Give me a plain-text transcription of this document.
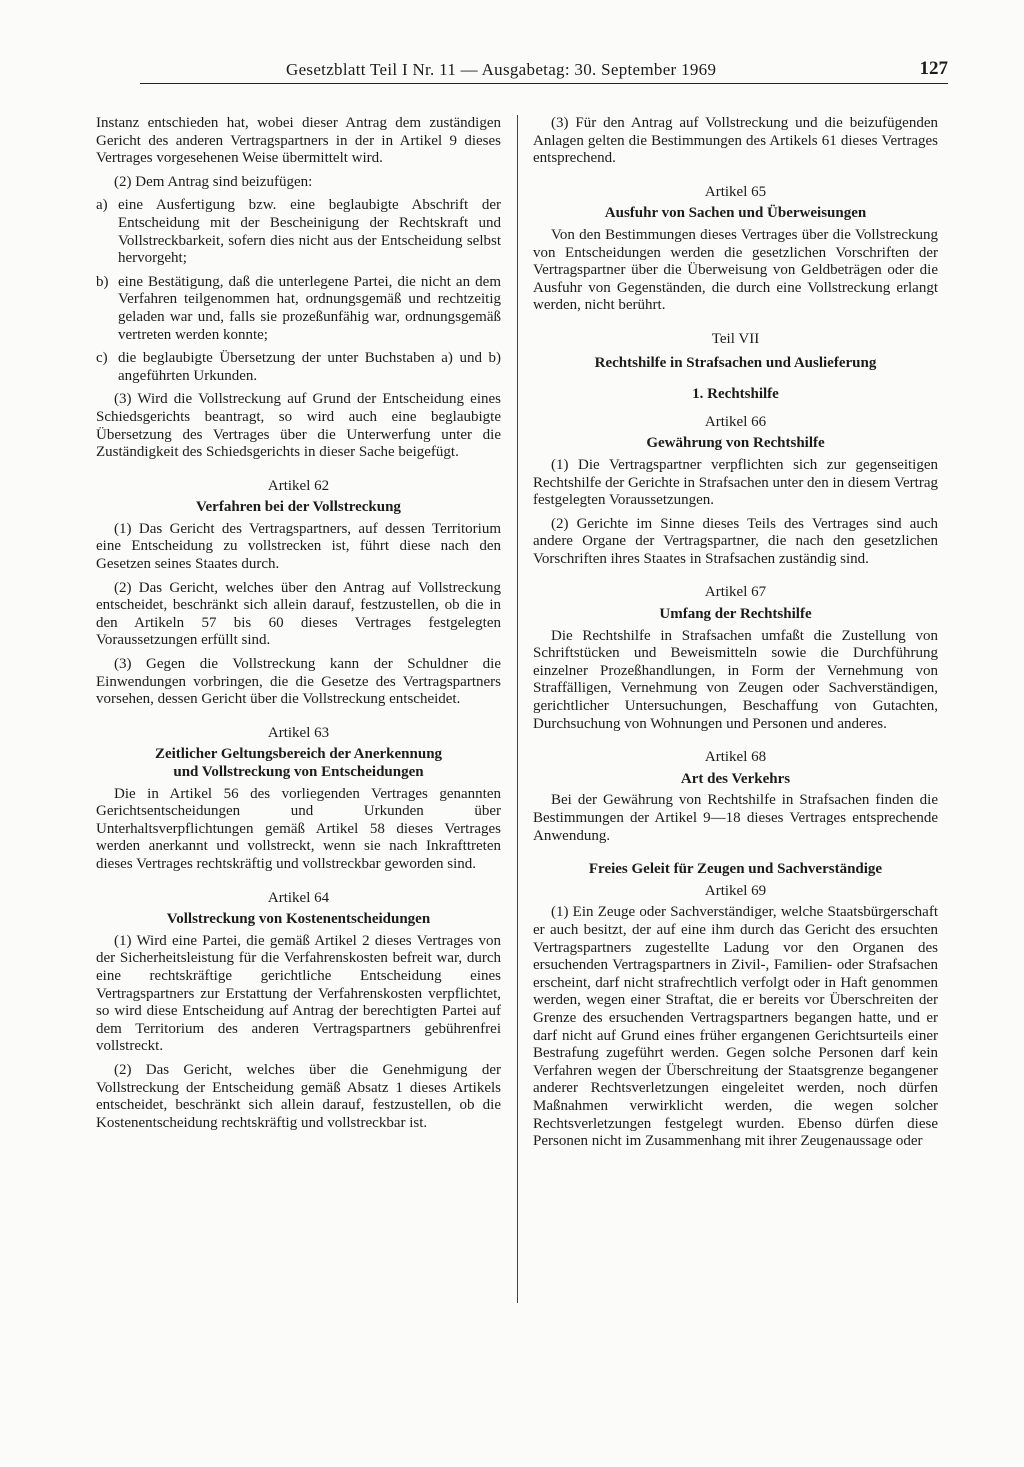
Gesetzblatt Teil I Nr. 11 — Ausgabetag: 30. September 1969	127

Instanz entschieden hat, wobei dieser Antrag dem zuständigen Gericht des anderen Vertragspartners in der in Artikel 9 dieses Vertrages vorgesehenen Weise übermittelt wird.

(2) Dem Antrag sind beizufügen:

a) eine Ausfertigung bzw. eine beglaubigte Abschrift der Entscheidung mit der Bescheinigung der Rechtskraft und Vollstreckbarkeit, sofern dies nicht aus der Entscheidung selbst hervorgeht;
b) eine Bestätigung, daß die unterlegene Partei, die nicht an dem Verfahren teilgenommen hat, ordnungsgemäß und rechtzeitig geladen war und, falls sie prozeßunfähig war, ordnungsgemäß vertreten werden konnte;
c) die beglaubigte Übersetzung der unter Buchstaben a) und b) angeführten Urkunden.

(3) Wird die Vollstreckung auf Grund der Entscheidung eines Schiedsgerichts beantragt, so wird auch eine beglaubigte Übersetzung des Vertrages über die Unterwerfung unter die Zuständigkeit des Schiedsgerichts in dieser Sache beigefügt.

Artikel 62
Verfahren bei der Vollstreckung

(1) Das Gericht des Vertragspartners, auf dessen Territorium eine Entscheidung zu vollstrecken ist, führt diese nach den Gesetzen seines Staates durch.

(2) Das Gericht, welches über den Antrag auf Vollstreckung entscheidet, beschränkt sich allein darauf, festzustellen, ob die in den Artikeln 57 bis 60 dieses Vertrages festgelegten Voraussetzungen erfüllt sind.

(3) Gegen die Vollstreckung kann der Schuldner die Einwendungen vorbringen, die die Gesetze des Vertragspartners vorsehen, dessen Gericht über die Vollstreckung entscheidet.

Artikel 63
Zeitlicher Geltungsbereich der Anerkennung
und Vollstreckung von Entscheidungen

Die in Artikel 56 des vorliegenden Vertrages genannten Gerichtsentscheidungen und Urkunden über Unterhaltsverpflichtungen gemäß Artikel 58 dieses Vertrages werden anerkannt und vollstreckt, wenn sie nach Inkrafttreten dieses Vertrages rechtskräftig und vollstreckbar geworden sind.

Artikel 64
Vollstreckung von Kostenentscheidungen

(1) Wird eine Partei, die gemäß Artikel 2 dieses Vertrages von der Sicherheitsleistung für die Verfahrenskosten befreit war, durch eine rechtskräftige gerichtliche Entscheidung eines Vertragspartners zur Erstattung der Verfahrenskosten verpflichtet, so wird diese Entscheidung auf Antrag der berechtigten Partei auf dem Territorium des anderen Vertragspartners gebührenfrei vollstreckt.

(2) Das Gericht, welches über die Genehmigung der Vollstreckung der Entscheidung gemäß Absatz 1 dieses Artikels entscheidet, beschränkt sich allein darauf, festzustellen, ob die Kostenentscheidung rechtskräftig und vollstreckbar ist.

(3) Für den Antrag auf Vollstreckung und die beizufügenden Anlagen gelten die Bestimmungen des Artikels 61 dieses Vertrages entsprechend.

Artikel 65
Ausfuhr von Sachen und Überweisungen

Von den Bestimmungen dieses Vertrages über die Vollstreckung von Entscheidungen werden die gesetzlichen Vorschriften der Vertragspartner über die Überweisung von Geldbeträgen oder die Ausfuhr von Gegenständen, die durch eine Vollstreckung erlangt werden, nicht berührt.

Teil VII
Rechtshilfe in Strafsachen und Auslieferung
1. Rechtshilfe
Artikel 66
Gewährung von Rechtshilfe

(1) Die Vertragspartner verpflichten sich zur gegenseitigen Rechtshilfe der Gerichte in Strafsachen unter den in diesem Vertrag festgelegten Voraussetzungen.

(2) Gerichte im Sinne dieses Teils des Vertrages sind auch andere Organe der Vertragspartner, die nach den gesetzlichen Vorschriften ihres Staates in Strafsachen zuständig sind.

Artikel 67
Umfang der Rechtshilfe

Die Rechtshilfe in Strafsachen umfaßt die Zustellung von Schriftstücken und Beweismitteln sowie die Durchführung einzelner Prozeßhandlungen, in Form der Vernehmung von Straffälligen, Vernehmung von Zeugen oder Sachverständigen, gerichtlicher Untersuchungen, Beschaffung von Gutachten, Durchsuchung von Wohnungen und Personen und anderes.

Artikel 68
Art des Verkehrs

Bei der Gewährung von Rechtshilfe in Strafsachen finden die Bestimmungen der Artikel 9—18 dieses Vertrages entsprechende Anwendung.

Freies Geleit für Zeugen und Sachverständige
Artikel 69

(1) Ein Zeuge oder Sachverständiger, welche Staatsbürgerschaft er auch besitzt, der auf eine ihm durch das Gericht des ersuchten Vertragspartners zugestellte Ladung vor den Organen des ersuchenden Vertragspartners in Zivil-, Familien- oder Strafsachen erscheint, darf nicht strafrechtlich verfolgt oder in Haft genommen werden, wegen einer Straftat, die er bereits vor Überschreiten der Grenze des ersuchenden Vertragspartners begangen hatte, und er darf nicht auf Grund eines früher ergangenen Gerichtsurteils einer Bestrafung zugeführt werden. Gegen solche Personen darf kein Verfahren wegen der Überschreitung der Staatsgrenze begangener anderer Rechtsverletzungen eingeleitet werden, noch dürfen Maßnahmen verwirklicht werden, die wegen solcher Rechtsverletzungen festgelegt wurden. Ebenso dürfen diese Personen nicht im Zusammenhang mit ihrer Zeugenaussage oder
